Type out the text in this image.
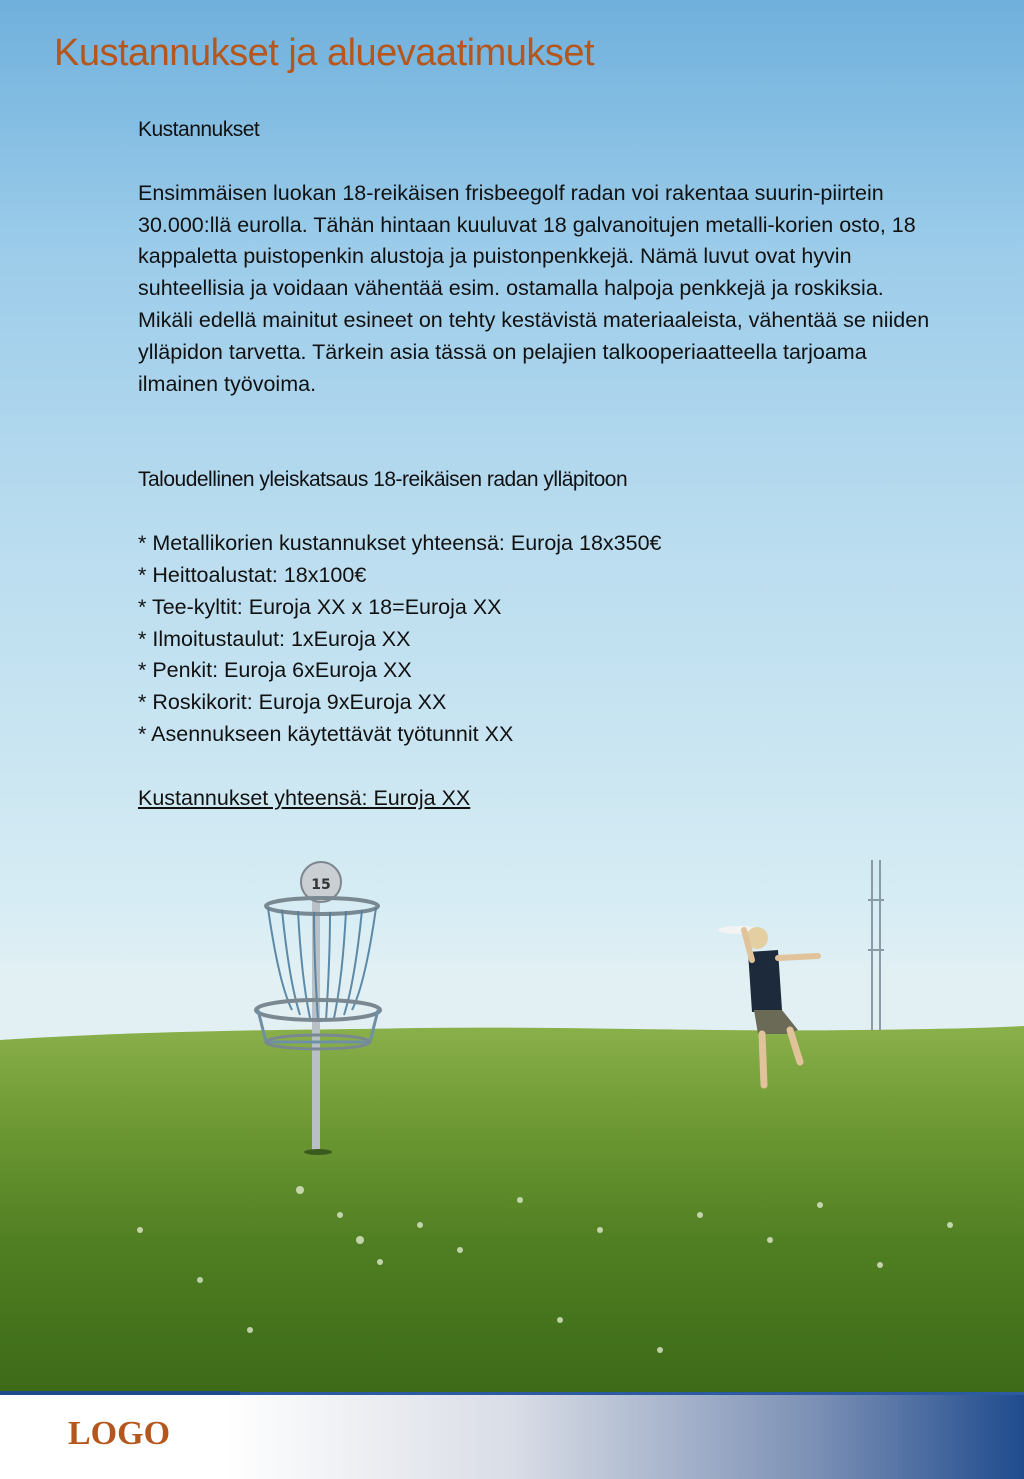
15
Kustannukset ja aluevaatimukset

Kustannukset

Ensimmäisen luokan 18-reikäisen frisbeegolf radan voi rakentaa suurin-piirtein 30.000:llä eurolla. Tähän hintaan kuuluvat 18 galvanoitujen metalli-korien osto, 18 kappaletta puistopenkin alustoja ja puistonpenkkejä. Nämä luvut ovat hyvin suhteellisia ja voidaan vähentää esim. ostamalla halpoja penkkejä ja roskiksia. Mikäli edellä mainitut esineet on tehty kestävistä materiaaleista, vähentää se niiden ylläpidon tarvetta. Tärkein asia tässä on pelajien talkooperiaatteella tarjoama ilmainen työvoima.

Taloudellinen yleiskatsaus 18-reikäisen radan ylläpitoon

* Metallikorien kustannukset yhteensä: Euroja 18x350€
* Heittoalustat: 18x100€
* Tee-kyltit: Euroja XX x 18=Euroja XX
* Ilmoitustaulut: 1xEuroja XX
* Penkit: Euroja 6xEuroja XX
* Roskikorit: Euroja 9xEuroja XX
* Asennukseen käytettävät työtunnit XX

Kustannukset yhteensä: Euroja XX

LOGO
